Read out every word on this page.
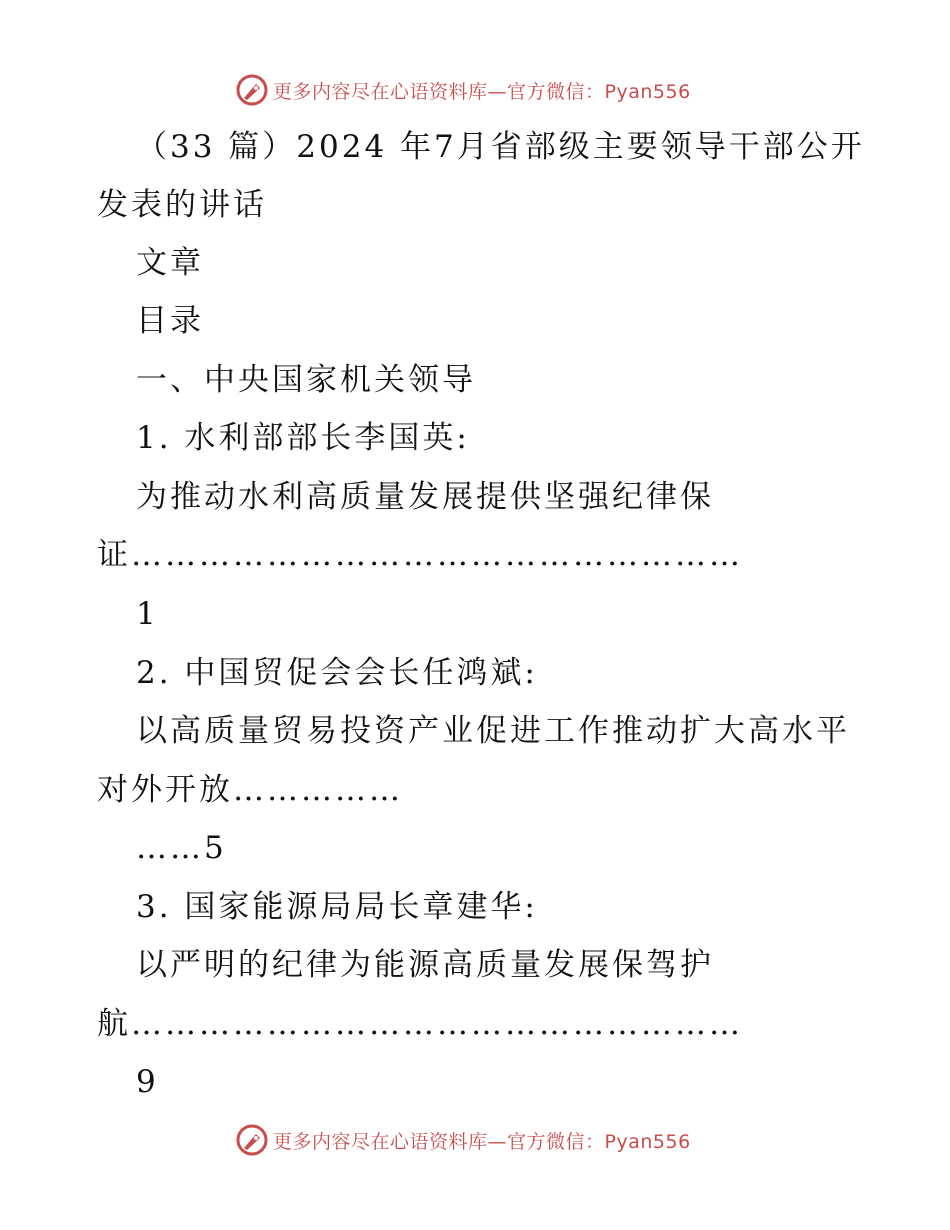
更多内容尽在心语资料库—官方微信：Pyan556
（33 篇）2024 年7月省部级主要领导干部公开
发表的讲话
文章
目录
一、中央国家机关领导
1. 水利部部长李国英:
为推动水利高质量发展提供坚强纪律保
证………………………………………………
1
2. 中国贸促会会长任鸿斌:
以高质量贸易投资产业促进工作推动扩大高水平
对外开放……………
……5
3. 国家能源局局长章建华:
以严明的纪律为能源高质量发展保驾护
航………………………………………………
9
更多内容尽在心语资料库—官方微信：Pyan556
